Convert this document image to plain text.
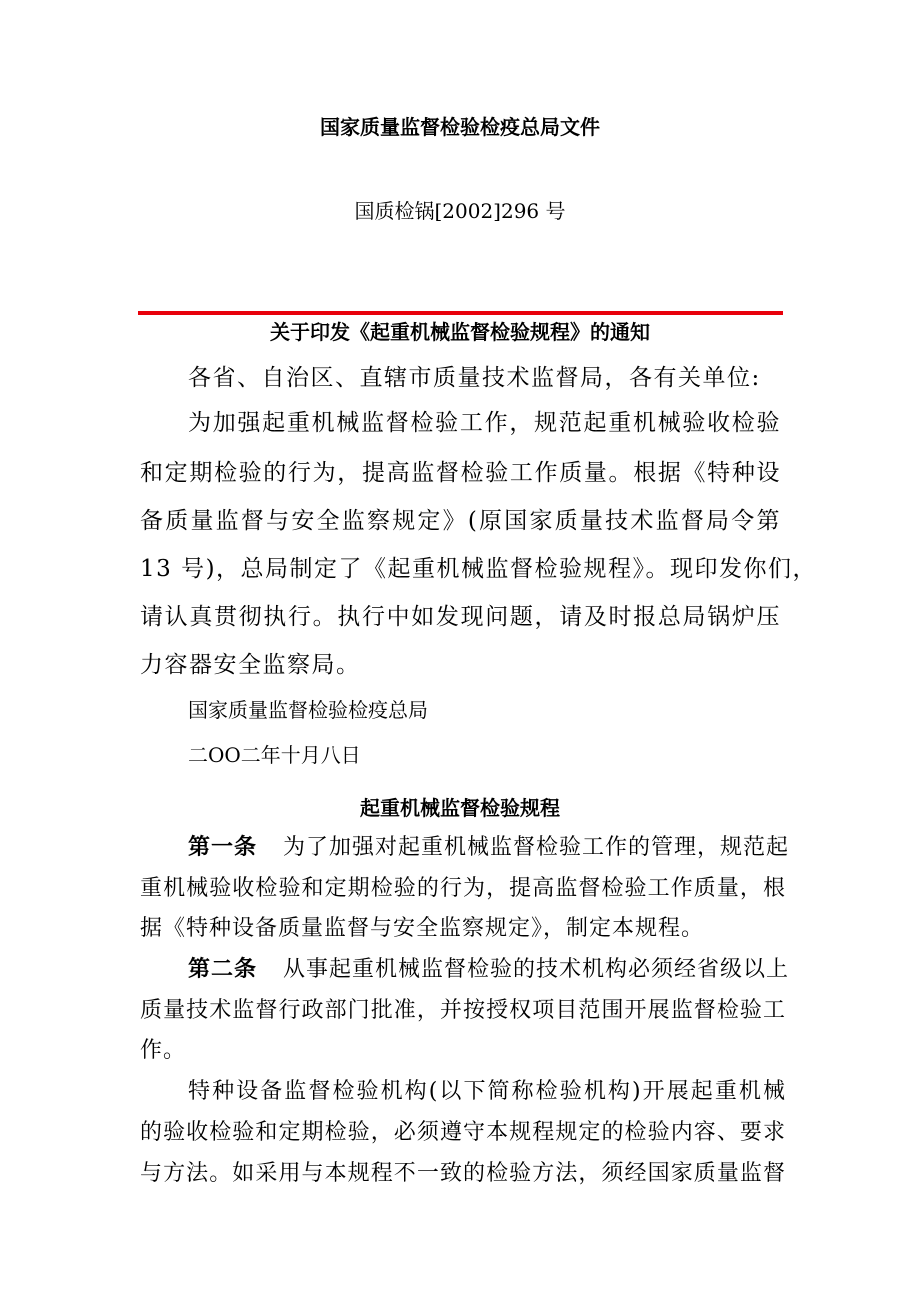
国家质量监督检验检疫总局文件
国质检锅[2002]296 号
关于印发《起重机械监督检验规程》的通知
各省、自治区、直辖市质量技术监督局，各有关单位:
为加强起重机械监督检验工作，规范起重机械验收检验
和定期检验的行为，提高监督检验工作质量。根据《特种设
备质量监督与安全监察规定》(原国家质量技术监督局令第
13 号)，总局制定了《起重机械监督检验规程》。现印发你们，
请认真贯彻执行。执行中如发现问题，请及时报总局锅炉压
力容器安全监察局。
国家质量监督检验检疫总局
二OO二年十月八日
起重机械监督检验规程
第一条 为了加强对起重机械监督检验工作的管理，规范起
重机械验收检验和定期检验的行为，提高监督检验工作质量，根
据《特种设备质量监督与安全监察规定》，制定本规程。
第二条 从事起重机械监督检验的技术机构必须经省级以上
质量技术监督行政部门批准，并按授权项目范围开展监督检验工
作。
特种设备监督检验机构(以下简称检验机构)开展起重机械
的验收检验和定期检验，必须遵守本规程规定的检验内容、要求
与方法。如采用与本规程不一致的检验方法，须经国家质量监督
